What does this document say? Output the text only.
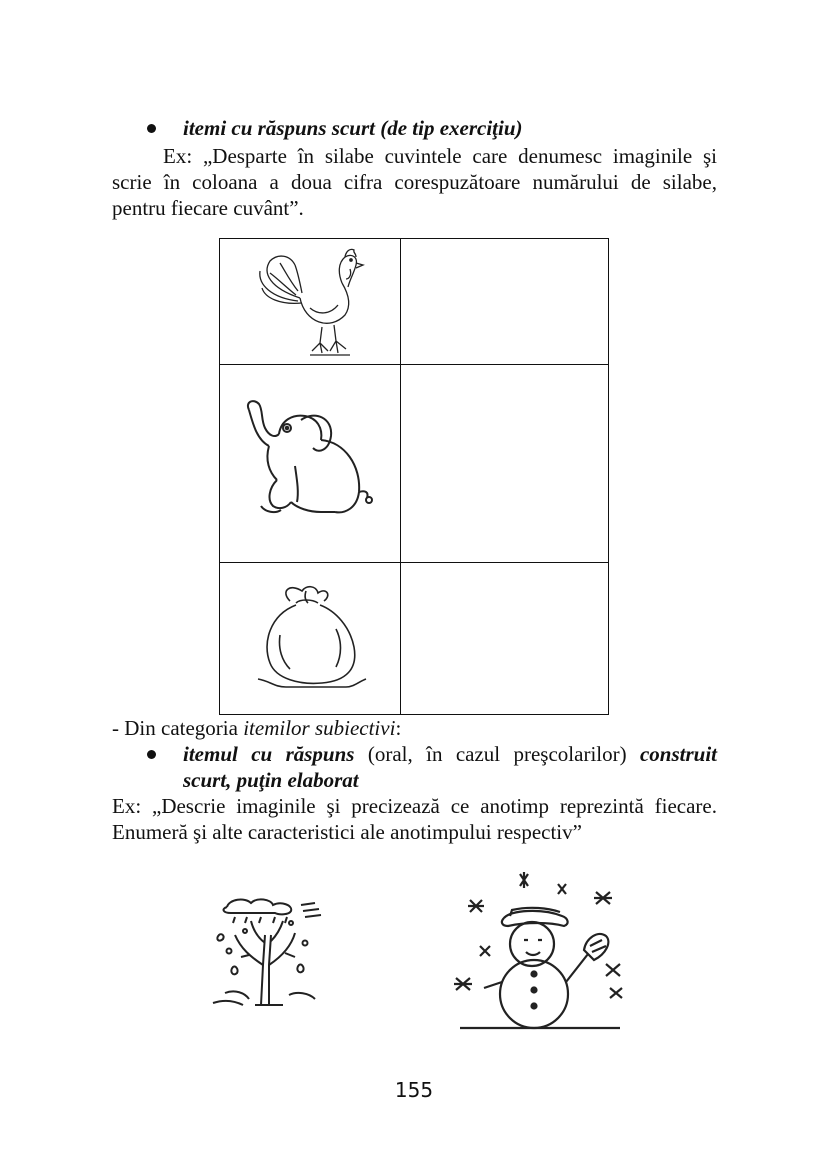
itemi cu răspuns scurt (de tip exerciţiu)
Ex: „Desparte în silabe cuvintele care denumesc imaginile şi
scrie în coloana a doua cifra corespuzătoare numărului de silabe,
pentru fiecare cuvânt”.

- Din categoria itemilor subiectivi:
itemul cu răspuns (oral, în cazul preşcolarilor) construit
scurt, puţin elaborat
Ex: „Descrie imaginile şi precizează ce anotimp reprezintă fiecare.
Enumeră şi alte caracteristici ale anotimpului respectiv”
155
